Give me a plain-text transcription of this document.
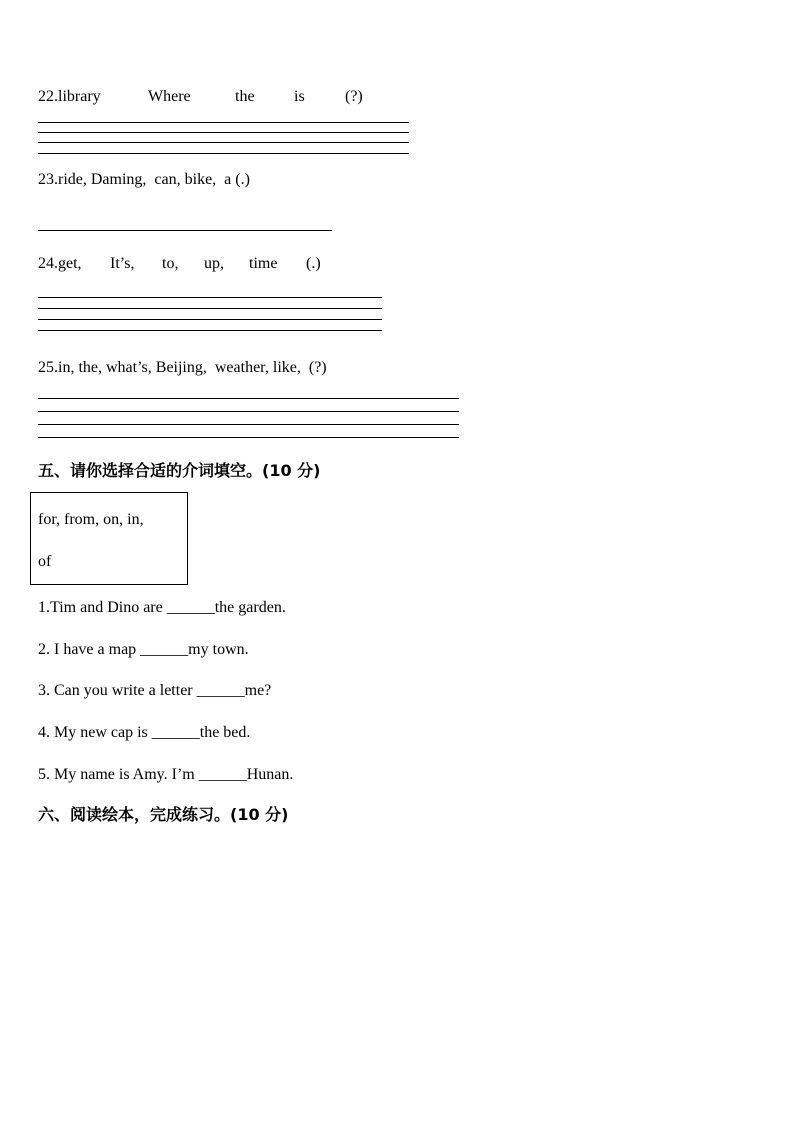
22.library	Where	the is	(?)
23.ride, Daming,  can, bike,  a (.)
24.get, It’s, to, up, time (.)
25.in, the, what’s, Beijing,  weather, like,  (?)
五、请你选择合适的介词填空。(10 分)
for, from, on, in,
of
1.Tim and Dino are ______the garden.
2. I have a map ______my town.
3. Can you write a letter ______me?
4. My new cap is ______the bed.
5. My name is Amy. I’m ______Hunan.
六、阅读绘本，完成练习。(10 分)
